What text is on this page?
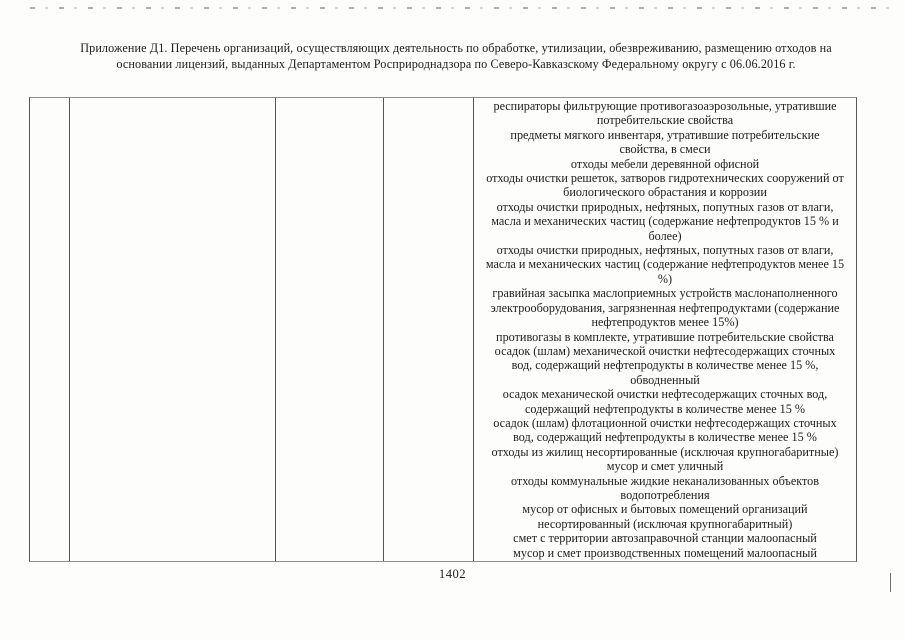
Приложение Д1. Перечень организаций, осуществляющих деятельность по обработке, утилизации, обезвреживанию, размещению отходов на
основании лицензий, выданных Департаментом Росприроднадзора по Северо-Кавказскому Федеральному округу с 06.06.2016 г.
респираторы фильтрующие противогазоаэрозольные, утратившие потребительские свойства
предметы мягкого инвентаря, утратившие потребительские свойства, в смеси
отходы мебели деревянной офисной
отходы очистки решеток, затворов гидротехнических сооружений от биологического обрастания и коррозии
отходы очистки природных, нефтяных, попутных газов от влаги, масла и механических частиц (содержание нефтепродуктов 15 % и более)
отходы очистки природных, нефтяных, попутных газов от влаги, масла и механических частиц (содержание нефтепродуктов менее 15 %)
гравийная засыпка маслоприемных устройств маслонаполненного электрооборудования, загрязненная нефтепродуктами (содержание нефтепродуктов менее 15%)
противогазы в комплекте, утратившие потребительские свойства
осадок (шлам) механической очистки нефтесодержащих сточных вод, содержащий нефтепродукты в количестве менее 15 %, обводненный
осадок механической очистки нефтесодержащих сточных вод, содержащий нефтепродукты в количестве менее 15 %
осадок (шлам) флотационной очистки нефтесодержащих сточных вод, содержащий нефтепродукты в количестве менее 15 %
отходы из жилищ несортированные (исключая крупногабаритные)
мусор и смет уличный
отходы коммунальные жидкие неканализованных объектов водопотребления
мусор от офисных и бытовых помещений организаций несортированный (исключая крупногабаритный)
смет с территории автозаправочной станции малоопасный
мусор и смет производственных помещений малоопасный
1402
